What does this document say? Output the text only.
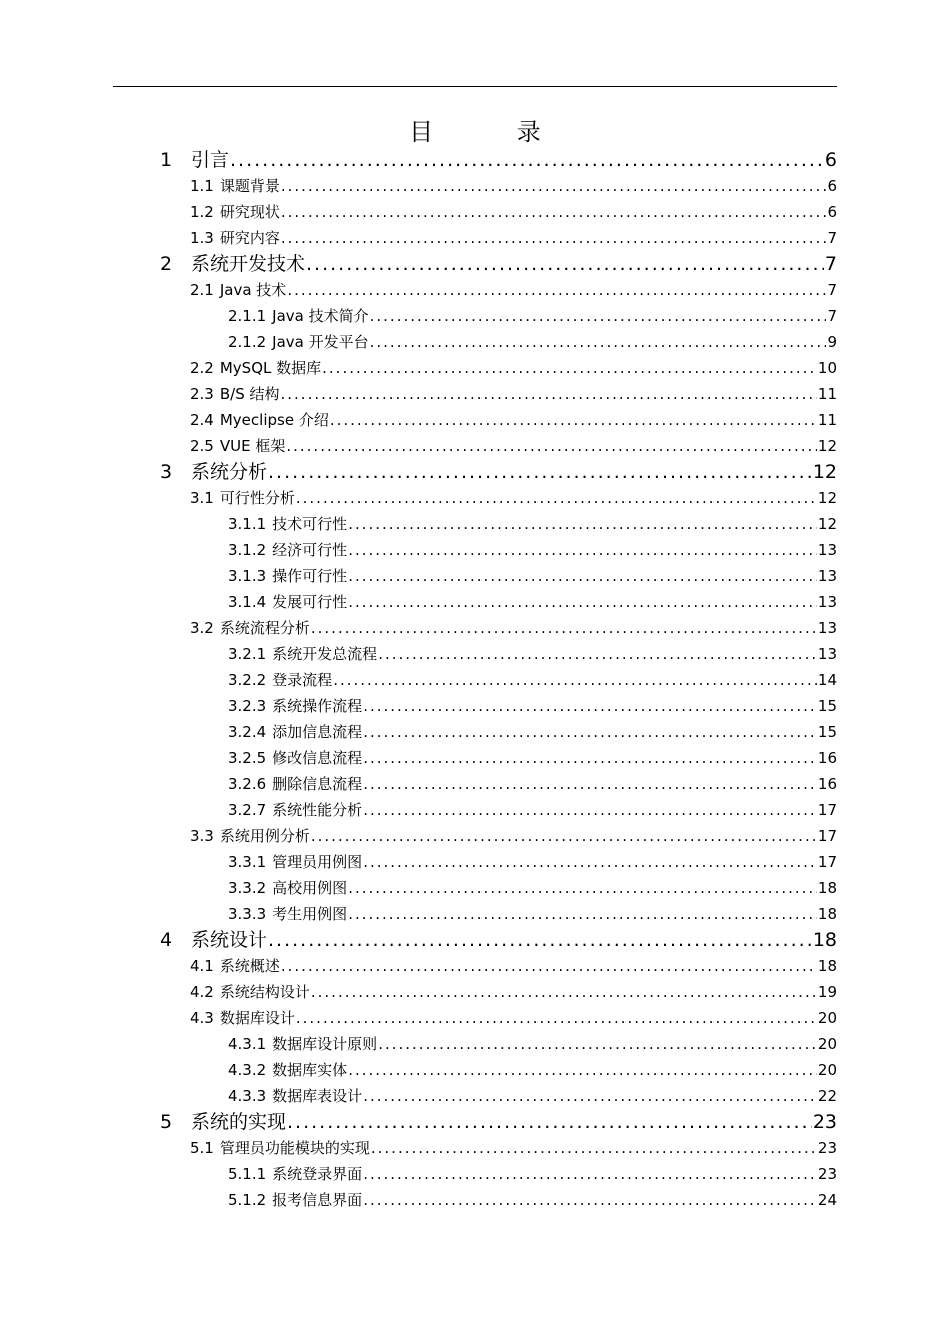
目 录
1 引言 .....	6
1.1 课题背景 .....	6
1.2 研究现状 .....	6
1.3 研究内容 .....	7
2 系统开发技术 .....	7
2.1 Java 技术 .....	7
2.1.1 Java 技术简介 .....	7
2.1.2 Java 开发平台 .....	9
2.2 MySQL 数据库 .....	10
2.3 B/S 结构 .....	11
2.4 Myeclipse 介绍 .....	11
2.5 VUE 框架 .....	12
3 系统分析 .....	12
3.1 可行性分析 .....	12
3.1.1 技术可行性 .....	12
3.1.2 经济可行性 .....	13
3.1.3 操作可行性 .....	13
3.1.4 发展可行性 .....	13
3.2 系统流程分析 .....	13
3.2.1 系统开发总流程 .....	13
3.2.2 登录流程 .....	14
3.2.3 系统操作流程 .....	15
3.2.4 添加信息流程 .....	15
3.2.5 修改信息流程 .....	16
3.2.6 删除信息流程 .....	16
3.2.7 系统性能分析 .....	17
3.3 系统用例分析 .....	17
3.3.1 管理员用例图 .....	17
3.3.2 高校用例图 .....	18
3.3.3 考生用例图 .....	18
4 系统设计 .....	18
4.1 系统概述 .....	18
4.2 系统结构设计 .....	19
4.3 数据库设计 .....	20
4.3.1 数据库设计原则 .....	20
4.3.2 数据库实体 .....	20
4.3.3 数据库表设计 .....	22
5 系统的实现 .....	23
5.1 管理员功能模块的实现 .....	23
5.1.1 系统登录界面 .....	23
5.1.2 报考信息界面 .....	24
